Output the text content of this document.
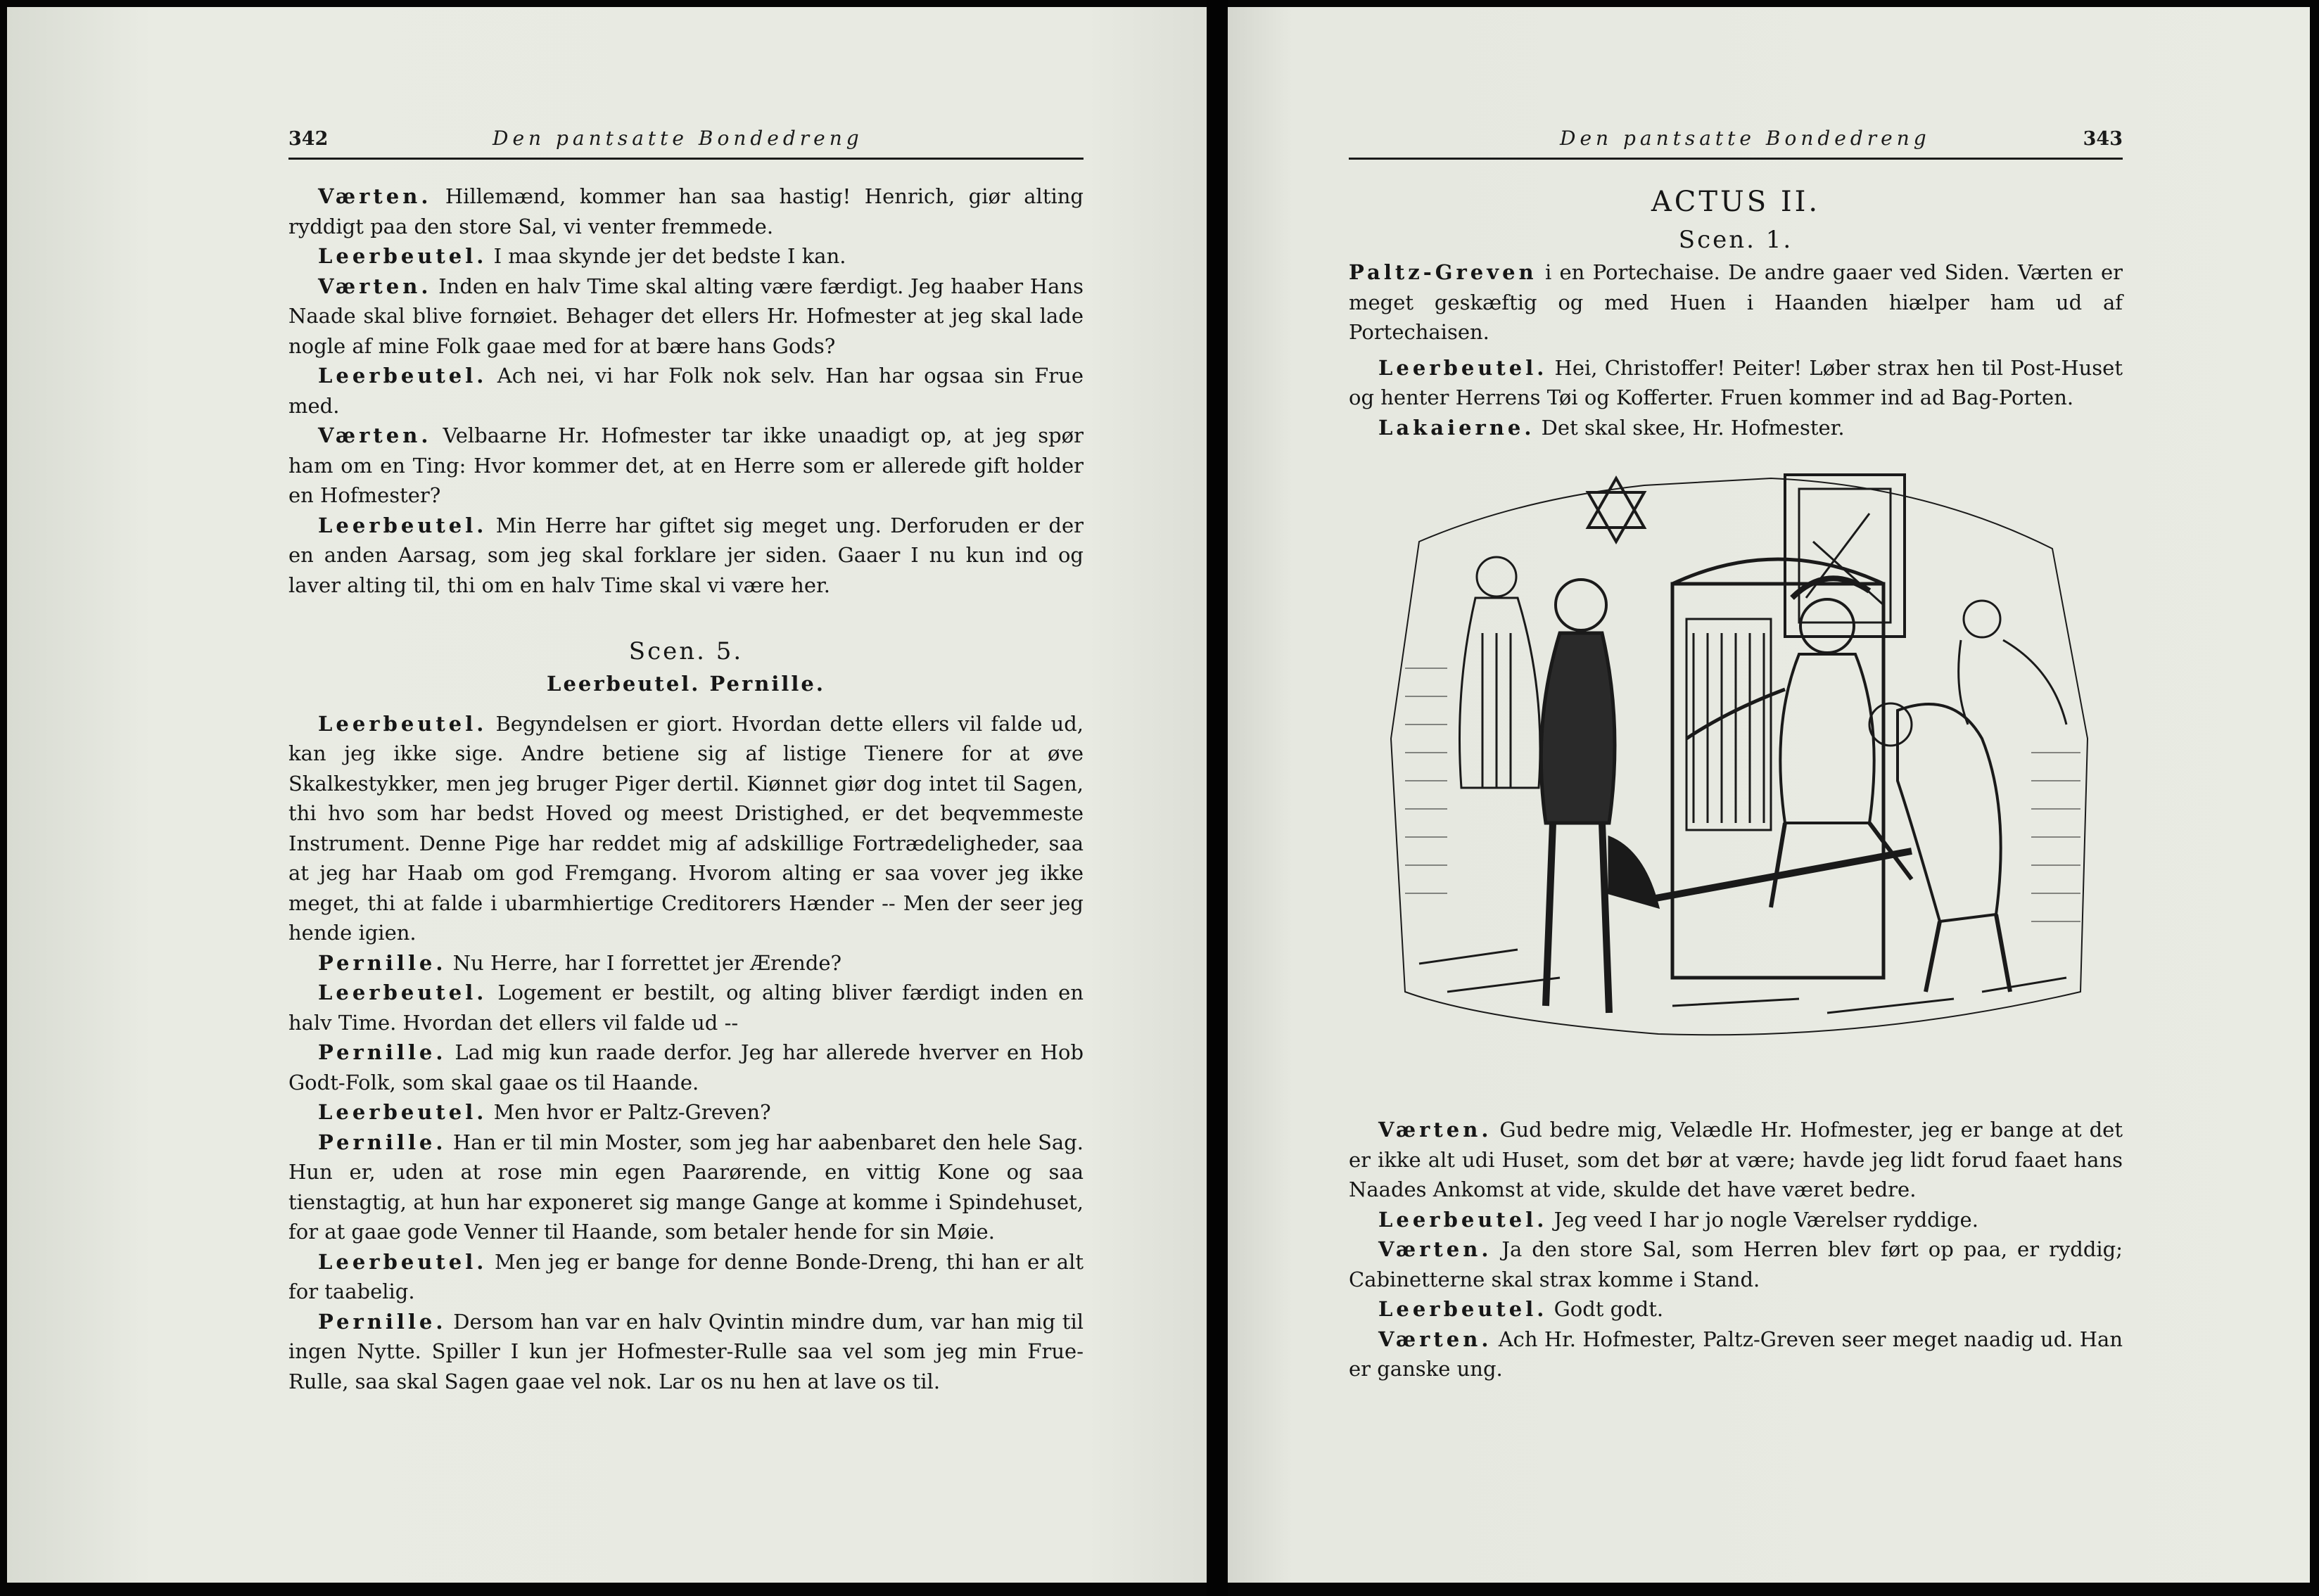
342	Den pantsatte Bondedreng

Værten. Hillemænd, kommer han saa hastig! Henrich, giør alting ryddigt paa den store Sal, vi venter fremmede.

Leerbeutel. I maa skynde jer det bedste I kan.

Værten. Inden en halv Time skal alting være færdigt. Jeg haaber Hans Naade skal blive fornøiet. Behager det ellers Hr. Hofmester at jeg skal lade nogle af mine Folk gaae med for at bære hans Gods?

Leerbeutel. Ach nei, vi har Folk nok selv. Han har ogsaa sin Frue med.

Værten. Velbaarne Hr. Hofmester tar ikke unaadigt op, at jeg spør ham om en Ting: Hvor kommer det, at en Herre som er allerede gift holder en Hofmester?

Leerbeutel. Min Herre har giftet sig meget ung. Derforuden er der en anden Aarsag, som jeg skal forklare jer siden. Gaaer I nu kun ind og laver alting til, thi om en halv Time skal vi være her.

Scen. 5.

Leerbeutel. Pernille.

Leerbeutel. Begyndelsen er giort. Hvordan dette ellers vil falde ud, kan jeg ikke sige. Andre betiene sig af listige Tienere for at øve Skalkestykker, men jeg bruger Piger dertil. Kiønnet giør dog intet til Sagen, thi hvo som har bedst Hoved og meest Dristighed, er det beqvemmeste Instrument. Denne Pige har reddet mig af adskillige Fortrædeligheder, saa at jeg har Haab om god Fremgang. Hvorom alting er saa vover jeg ikke meget, thi at falde i ubarmhiertige Creditorers Hænder -- Men der seer jeg hende igien.

Pernille. Nu Herre, har I forrettet jer Ærende?

Leerbeutel. Logement er bestilt, og alting bliver færdigt inden en halv Time. Hvordan det ellers vil falde ud --

Pernille. Lad mig kun raade derfor. Jeg har allerede hverver en Hob Godt-Folk, som skal gaae os til Haande.

Leerbeutel. Men hvor er Paltz-Greven?

Pernille. Han er til min Moster, som jeg har aabenbaret den hele Sag. Hun er, uden at rose min egen Paarørende, en vittig Kone og saa tienstagtig, at hun har exponeret sig mange Gange at komme i Spindehuset, for at gaae gode Venner til Haande, som betaler hende for sin Møie.

Leerbeutel. Men jeg er bange for denne Bonde-Dreng, thi han er alt for taabelig.

Pernille. Dersom han var en halv Qvintin mindre dum, var han mig til ingen Nytte. Spiller I kun jer Hofmester-Rulle saa vel som jeg min Frue-Rulle, saa skal Sagen gaae vel nok. Lar os nu hen at lave os til.

Den pantsatte Bondedreng	343

ACTUS II.

Scen. 1.

Paltz-Greven i en Portechaise. De andre gaaer ved Siden. Værten er meget geskæftig og med Huen i Haanden hiælper ham ud af Portechaisen.

Leerbeutel. Hei, Christoffer! Peiter! Løber strax hen til Post-Huset og henter Herrens Tøi og Kofferter. Fruen kommer ind ad Bag-Porten.

Lakaierne. Det skal skee, Hr. Hofmester.

Værten. Gud bedre mig, Velædle Hr. Hofmester, jeg er bange at det er ikke alt udi Huset, som det bør at være; havde jeg lidt forud faaet hans Naades Ankomst at vide, skulde det have været bedre.

Leerbeutel. Jeg veed I har jo nogle Værelser ryddige.

Værten. Ja den store Sal, som Herren blev ført op paa, er ryddig; Cabinetterne skal strax komme i Stand.

Leerbeutel. Godt godt.

Værten. Ach Hr. Hofmester, Paltz-Greven seer meget naadig ud. Han er ganske ung.
